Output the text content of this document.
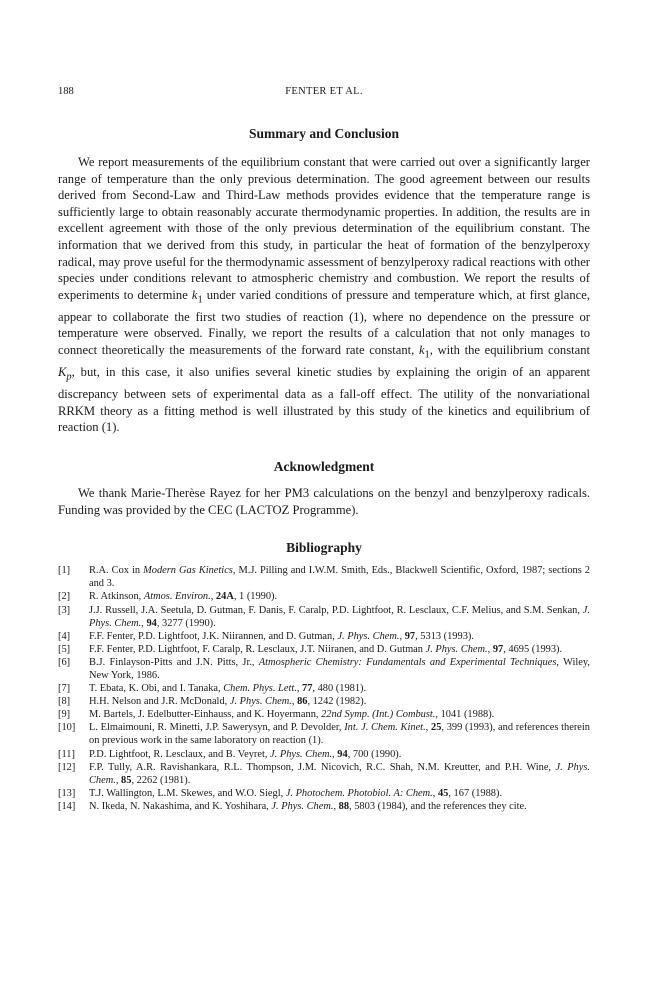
188	FENTER ET AL.
Summary and Conclusion

We report measurements of the equilibrium constant that were carried out over a significantly larger range of temperature than the only previous determination. The good agreement between our results derived from Second-Law and Third-Law methods provides evidence that the temperature range is sufficiently large to obtain reasonably accurate thermodynamic properties. In addition, the results are in excellent agreement with those of the only previous determination of the equilibrium constant. The information that we derived from this study, in particular the heat of formation of the benzylperoxy radical, may prove useful for the thermodynamic assessment of benzylperoxy radical reactions with other species under conditions relevant to atmospheric chemistry and combustion. We report the results of experiments to determine $k_1$ under varied conditions of pressure and temperature which, at first glance, appear to collaborate the first two studies of reaction (1), where no dependence on the pressure or temperature were observed. Finally, we report the results of a calculation that not only manages to connect theoretically the measurements of the forward rate constant, $k_1$, with the equilibrium constant $K_p$, but, in this case, it also unifies several kinetic studies by explaining the origin of an apparent discrepancy between sets of experimental data as a fall-off effect. The utility of the nonvariational RRKM theory as a fitting method is well illustrated by this study of the kinetics and equilibrium of reaction (1).

Acknowledgment

We thank Marie-Therèse Rayez for her PM3 calculations on the benzyl and benzylperoxy radicals. Funding was provided by the CEC (LACTOZ Programme).

Bibliography
[1]	R.A. Cox in Modern Gas Kinetics, M.J. Pilling and I.W.M. Smith, Eds., Blackwell Scientific, Oxford, 1987; sections 2 and 3.
[2]	R. Atkinson, Atmos. Environ., 24A, 1 (1990).
[3]	J.J. Russell, J.A. Seetula, D. Gutman, F. Danis, F. Caralp, P.D. Lightfoot, R. Lesclaux, C.F. Melius, and S.M. Senkan, J. Phys. Chem., 94, 3277 (1990).
[4]	F.F. Fenter, P.D. Lightfoot, J.K. Niirannen, and D. Gutman, J. Phys. Chem., 97, 5313 (1993).
[5]	F.F. Fenter, P.D. Lightfoot, F. Caralp, R. Lesclaux, J.T. Niiranen, and D. Gutman J. Phys. Chem., 97, 4695 (1993).
[6]	B.J. Finlayson-Pitts and J.N. Pitts, Jr., Atmospheric Chemistry: Fundamentals and Experimental Techniques, Wiley, New York, 1986.
[7]	T. Ebata, K. Obi, and I. Tanaka, Chem. Phys. Lett., 77, 480 (1981).
[8]	H.H. Nelson and J.R. McDonald, J. Phys. Chem., 86, 1242 (1982).
[9]	M. Bartels, J. Edelbutter-Einhauss, and K. Hoyermann, 22nd Symp. (Int.) Combust., 1041 (1988).
[10]	L. Elmaimouni, R. Minetti, J.P. Sawerysyn, and P. Devolder, Int. J. Chem. Kinet., 25, 399 (1993), and references therein on previous work in the same laboratory on reaction (1).
[11]	P.D. Lightfoot, R. Lesclaux, and B. Veyret, J. Phys. Chem., 94, 700 (1990).
[12]	F.P. Tully, A.R. Ravishankara, R.L. Thompson, J.M. Nicovich, R.C. Shah, N.M. Kreutter, and P.H. Wine, J. Phys. Chem., 85, 2262 (1981).
[13]	T.J. Wallington, L.M. Skewes, and W.O. Siegl, J. Photochem. Photobiol. A: Chem., 45, 167 (1988).
[14]	N. Ikeda, N. Nakashima, and K. Yoshihara, J. Phys. Chem., 88, 5803 (1984), and the references they cite.
